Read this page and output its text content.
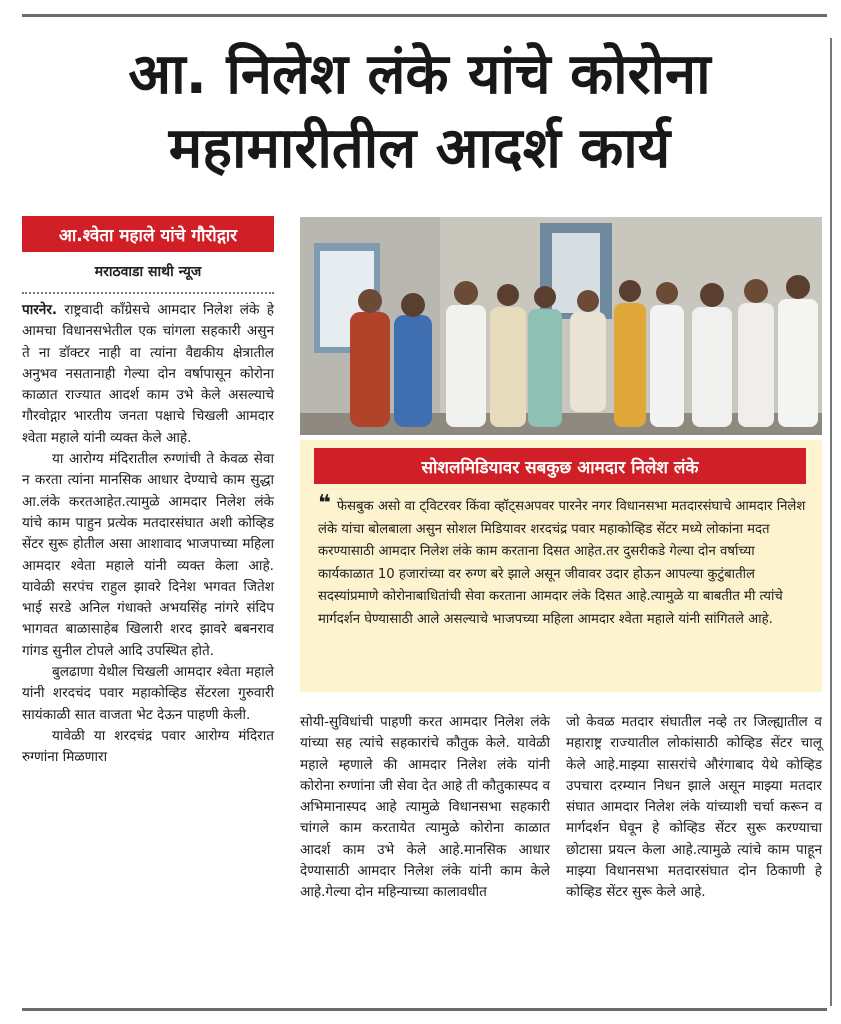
आ. निलेश लंके यांचे कोरोना
महामारीतील आदर्श कार्य
आ.श्वेता महाले यांचे गौरोद्गार
मराठवाडा साथी न्यूज

पारनेर. राष्ट्रवादी काँग्रेसचे आमदार निलेश लंके हे आमचा विधानसभेतील एक चांगला सहकारी असुन ते ना डॉक्टर नाही वा त्यांना वैद्यकीय क्षेत्रातील अनुभव नसतानाही गेल्या दोन वर्षापासून कोरोना काळात राज्यात आदर्श काम उभे केले असल्याचे गौरवोद्गार भारतीय जनता पक्षाचे चिखली आमदार श्वेता महाले यांनी व्यक्त केले आहे.

या आरोग्य मंदिरातील रुग्णांची ते केवळ सेवा न करता त्यांना मानसिक आधार देण्याचे काम सुद्धा आ.लंके करतआहेत.त्यामुळे आमदार निलेश लंके यांचे काम पाहुन प्रत्येक मतदारसंघात अशी कोव्हिड सेंटर सुरू होतील असा आशावाद भाजपाच्या महिला आमदार श्वेता महाले यांनी व्यक्त केला आहे. यावेळी सरपंच राहुल झावरे दिनेश भगवत जितेश भाई सरडे अनिल गंधाक्ते अभयसिंह नांगरे संदिप भागवत बाळासाहेब खिलारी शरद झावरे बबनराव गांगड सुनील टोपले आदि उपस्थित होते.

बुलढाणा येथील चिखली आमदार श्वेता महाले यांनी शरदचंद पवार महाकोव्हिड सेंटरला गुरुवारी सायंकाळी सात वाजता भेट देऊन पाहणी केली.

यावेळी या शरदचंद्र पवार आरोग्य मंदिरात रुग्णांना मिळणारा

सोशलमिडियावर सबकुछ आमदार निलेश लंके
❝ फेसबुक असो वा ट्विटरवर किंवा व्हॉट्सअपवर पारनेर नगर विधानसभा मतदारसंघाचे आमदार निलेश लंके यांचा बोलबाला असुन सोशल मिडियावर शरदचंद्र पवार महाकोव्हिड सेंटर मध्ये लोकांना मदत करण्यासाठी आमदार निलेश लंके काम करताना दिसत आहेत.तर दुसरीकडे गेल्या दोन वर्षाच्या कार्यकाळात 10 हजारांच्या वर रुग्ण बरे झाले असून जीवावर उदार होऊन आपल्या कुटुंबातील सदस्यांप्रमाणे कोरोनाबाधितांची सेवा करताना आमदार लंके दिसत आहे.त्यामुळे या बाबतीत मी त्यांचे मार्गदर्शन घेण्यासाठी आले असल्याचे भाजपच्या महिला आमदार श्वेता महाले यांनी सांगितले आहे.

सोयी-सुविधांची पाहणी करत आमदार निलेश लंके यांच्या सह त्यांचे सहकारांचे कौतुक केले. यावेळी महाले म्हणाले की आमदार निलेश लंके यांनी कोरोना रुग्णांना जी सेवा देत आहे ती कौतुकास्पद व अभिमानास्पद आहे त्यामुळे विधानसभा सहकारी चांगले काम करतायेत त्यामुळे कोरोना काळात आदर्श काम उभे केले आहे.मानसिक आधार देण्यासाठी आमदार निलेश लंके यांनी काम केले आहे.गेल्या दोन महिन्याच्या कालावधीत

जो केवळ मतदार संघातील नव्हे तर जिल्ह्यातील व महाराष्ट्र राज्यातील लोकांसाठी कोव्हिड सेंटर चालू केले आहे.माझ्या सासरांचे औरंगाबाद येथे कोव्हिड उपचारा दरम्यान निधन झाले असून माझ्या मतदार संघात आमदार निलेश लंके यांच्याशी चर्चा करून व मार्गदर्शन घेवून हे कोव्हिड सेंटर सुरू करण्याचा छोटासा प्रयत्न केला आहे.त्यामुळे त्यांचे काम पाहून माझ्या विधानसभा मतदारसंघात दोन ठिकाणी हे कोव्हिड सेंटर सुरू केले आहे.
